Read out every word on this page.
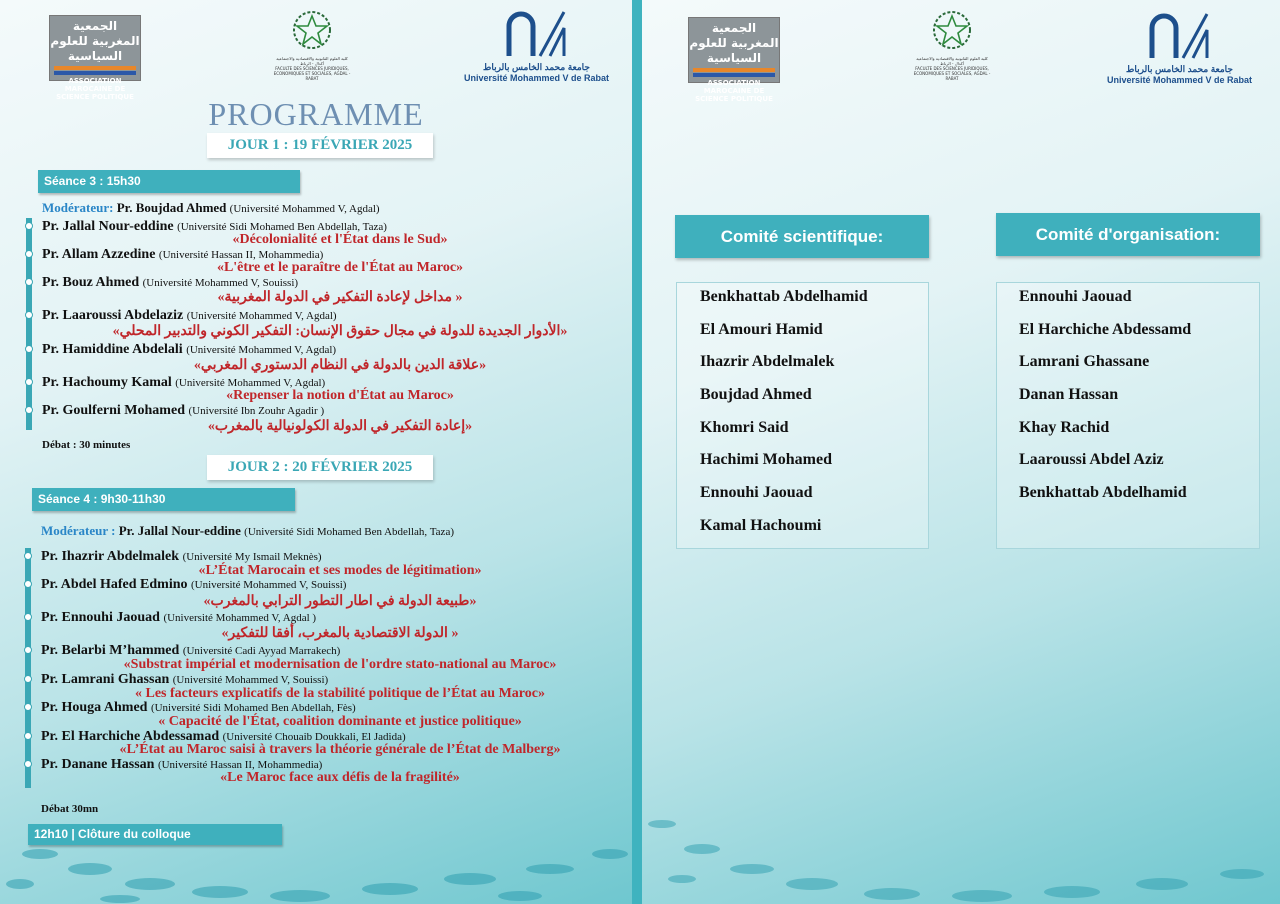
الجمعية المغربية للعلوم السياسية
ASSOCIATION MAROCAINE DE SCIENCE POLITIQUE
كلية العلوم القانونية والاقتصادية والاجتماعية أكدال - الرباط
FACULTE DES SCIENCES JURIDIQUES, ECONOMIQUES ET SOCIALES, AGDAL - RABAT
جامعة محمد الخامس بالرباط
Université Mohammed V de Rabat
PROGRAMME
JOUR 1 : 19 FÉVRIER 2025
Séance 3 : 15h30
Modérateur: Pr. Boujdad Ahmed (Université Mohammed V, Agdal)
Débat : 30 minutes
JOUR 2 : 20 FÉVRIER 2025
Séance 4 : 9h30-11h30
Modérateur : Pr. Jallal Nour-eddine (Université Sidi Mohamed Ben Abdellah, Taza)
Débat 30mn
12h10 | Clôture du colloque
Pr. Jallal Nour-eddine (Université Sidi Mohamed Ben Abdellah, Taza)
«Décolonialité et l'État dans le Sud»
Pr. Allam Azzedine (Université Hassan II, Mohammedia)
«L'être et le paraître de l'État au Maroc»
Pr. Bouz Ahmed (Université Mohammed V, Souissi)
«مداخل لإعادة التفكير في الدولة المغربية »
Pr. Laaroussi Abdelaziz (Université Mohammed V, Agdal)
«الأدوار الجديدة للدولة في مجال حقوق الإنسان: التفكير الكوني والتدبير المحلي»
Pr. Hamiddine Abdelali (Université Mohammed V, Agdal)
«علاقة الدين بالدولة في النظام الدستوري المغربي»
Pr. Hachoumy Kamal (Université Mohammed V, Agdal)
«Repenser la notion d'État au Maroc»
Pr. Goulferni Mohamed (Université Ibn Zouhr Agadir )
«إعادة التفكير في الدولة الكولونيالية بالمغرب»
Pr. Ihazrir Abdelmalek (Université My Ismail Meknès)
«L’État Marocain et ses modes de légitimation»
Pr. Abdel Hafed Edmino (Université Mohammed V, Souissi)
«طبيعة الدولة في اطار التطور الترابي بالمغرب»
Pr. Ennouhi Jaouad (Université Mohammed V, Agdal )
«الدولة الاقتصادية بالمغرب، أفقا للتفكير »
Pr. Belarbi M’hammed (Université Cadi Ayyad Marrakech)
«Substrat impérial et modernisation de l'ordre stato-national au Maroc»
Pr. Lamrani Ghassan (Université Mohammed V, Souissi)
« Les facteurs explicatifs de la stabilité politique de l’État au Maroc»
Pr. Houga Ahmed (Université Sidi Mohamed Ben Abdellah, Fès)
« Capacité de l'État, coalition dominante et justice politique»
Pr. El Harchiche Abdessamad (Université Chouaib Doukkali, El Jadida)
«L’État au Maroc saisi à travers la théorie générale de l’État de Malberg»
Pr. Danane Hassan (Université Hassan II, Mohammedia)
«Le Maroc face aux défis de la fragilité»
الجمعية المغربية للعلوم السياسية
ASSOCIATION MAROCAINE DE SCIENCE POLITIQUE
كلية العلوم القانونية والاقتصادية والاجتماعية أكدال - الرباط
FACULTE DES SCIENCES JURIDIQUES, ECONOMIQUES ET SOCIALES, AGDAL - RABAT
جامعة محمد الخامس بالرباط
Université Mohammed V de Rabat
Comité scientifique:	Comité d'organisation:
Benkhattab Abdelhamid
El Amouri Hamid
Ihazrir Abdelmalek
Boujdad Ahmed
Khomri Said
Hachimi Mohamed
Ennouhi Jaouad
Kamal Hachoumi
Ennouhi Jaouad
El Harchiche Abdessamd
Lamrani Ghassane
Danan Hassan
Khay Rachid
Laaroussi Abdel Aziz
Benkhattab Abdelhamid
